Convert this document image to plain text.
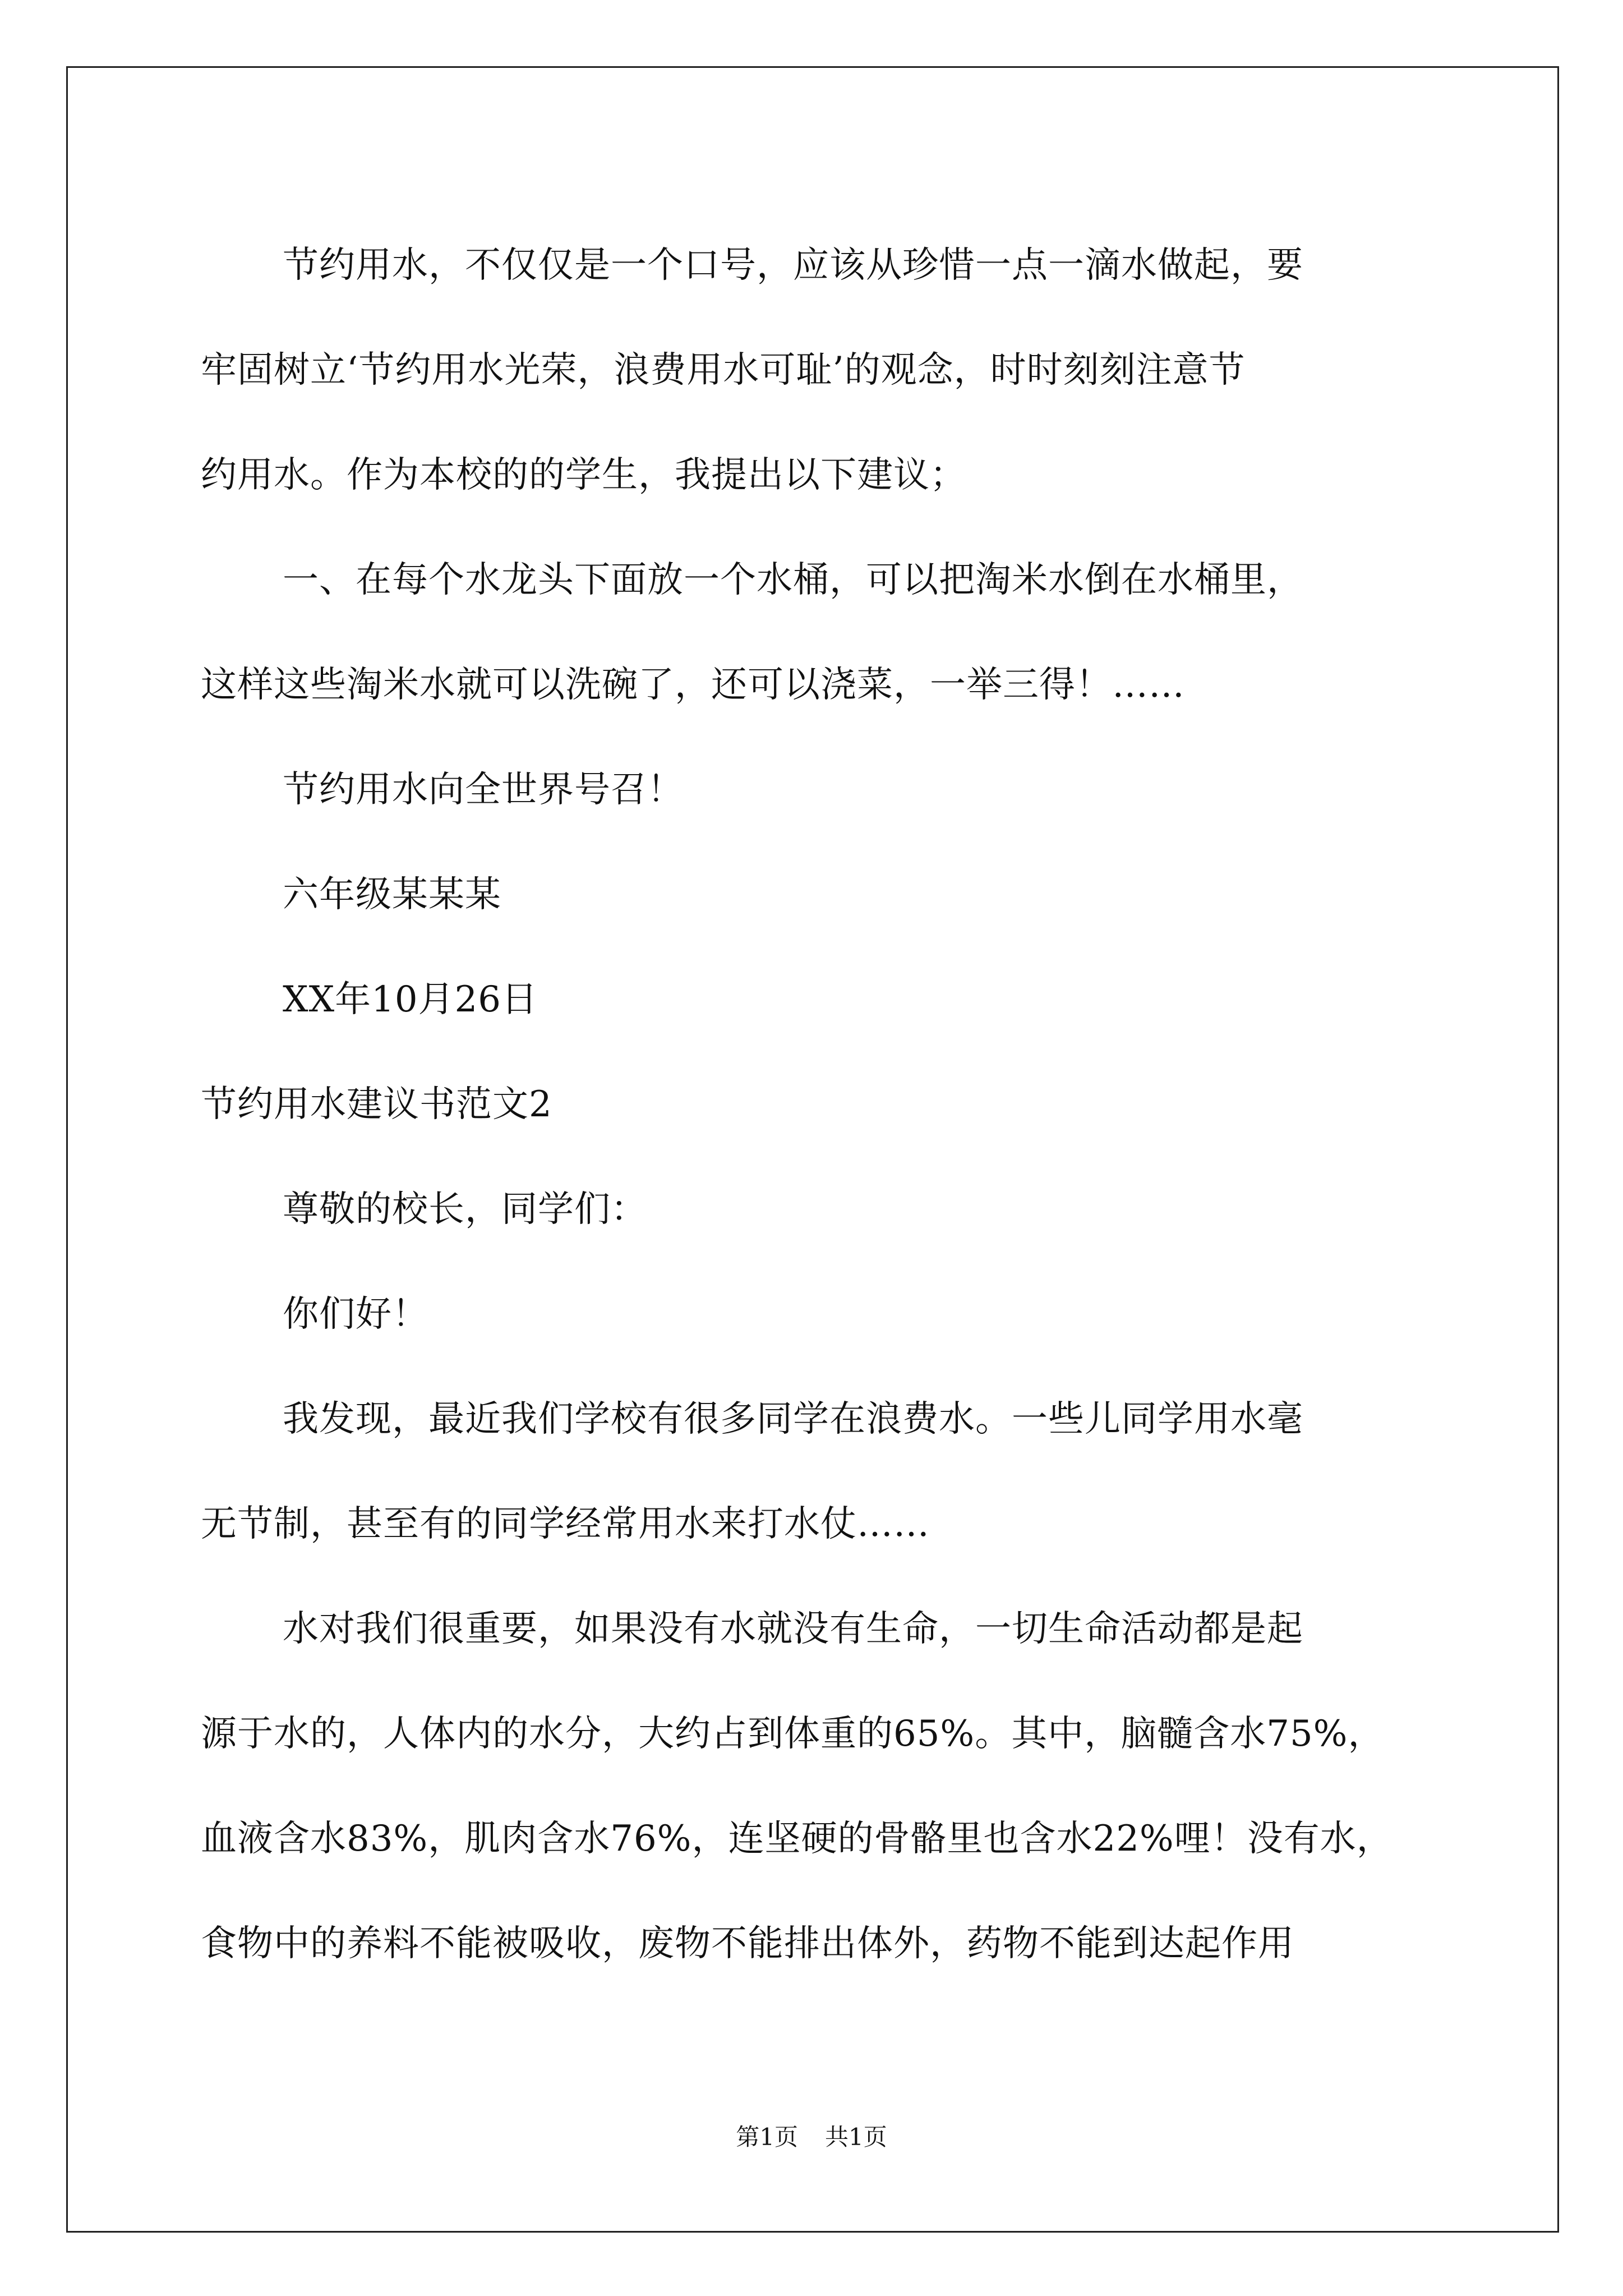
节约用水，不仅仅是一个口号，应该从珍惜一点一滴水做起，要
牢固树立‘节约用水光荣，浪费用水可耻’的观念，时时刻刻注意节
约用水。作为本校的的学生，我提出以下建议；
一、在每个水龙头下面放一个水桶，可以把淘米水倒在水桶里，
这样这些淘米水就可以洗碗了，还可以浇菜，一举三得！……
节约用水向全世界号召！
六年级某某某
XX年10月26日
节约用水建议书范文2
尊敬的校长，同学们：
你们好！
我发现，最近我们学校有很多同学在浪费水。一些儿同学用水毫
无节制，甚至有的同学经常用水来打水仗……
水对我们很重要，如果没有水就没有生命，一切生命活动都是起
源于水的，人体内的水分，大约占到体重的65%。其中，脑髓含水75%，
血液含水83%，肌肉含水76%，连坚硬的骨骼里也含水22%哩！没有水，
食物中的养料不能被吸收，废物不能排出体外，药物不能到达起作用
第1页 共1页
